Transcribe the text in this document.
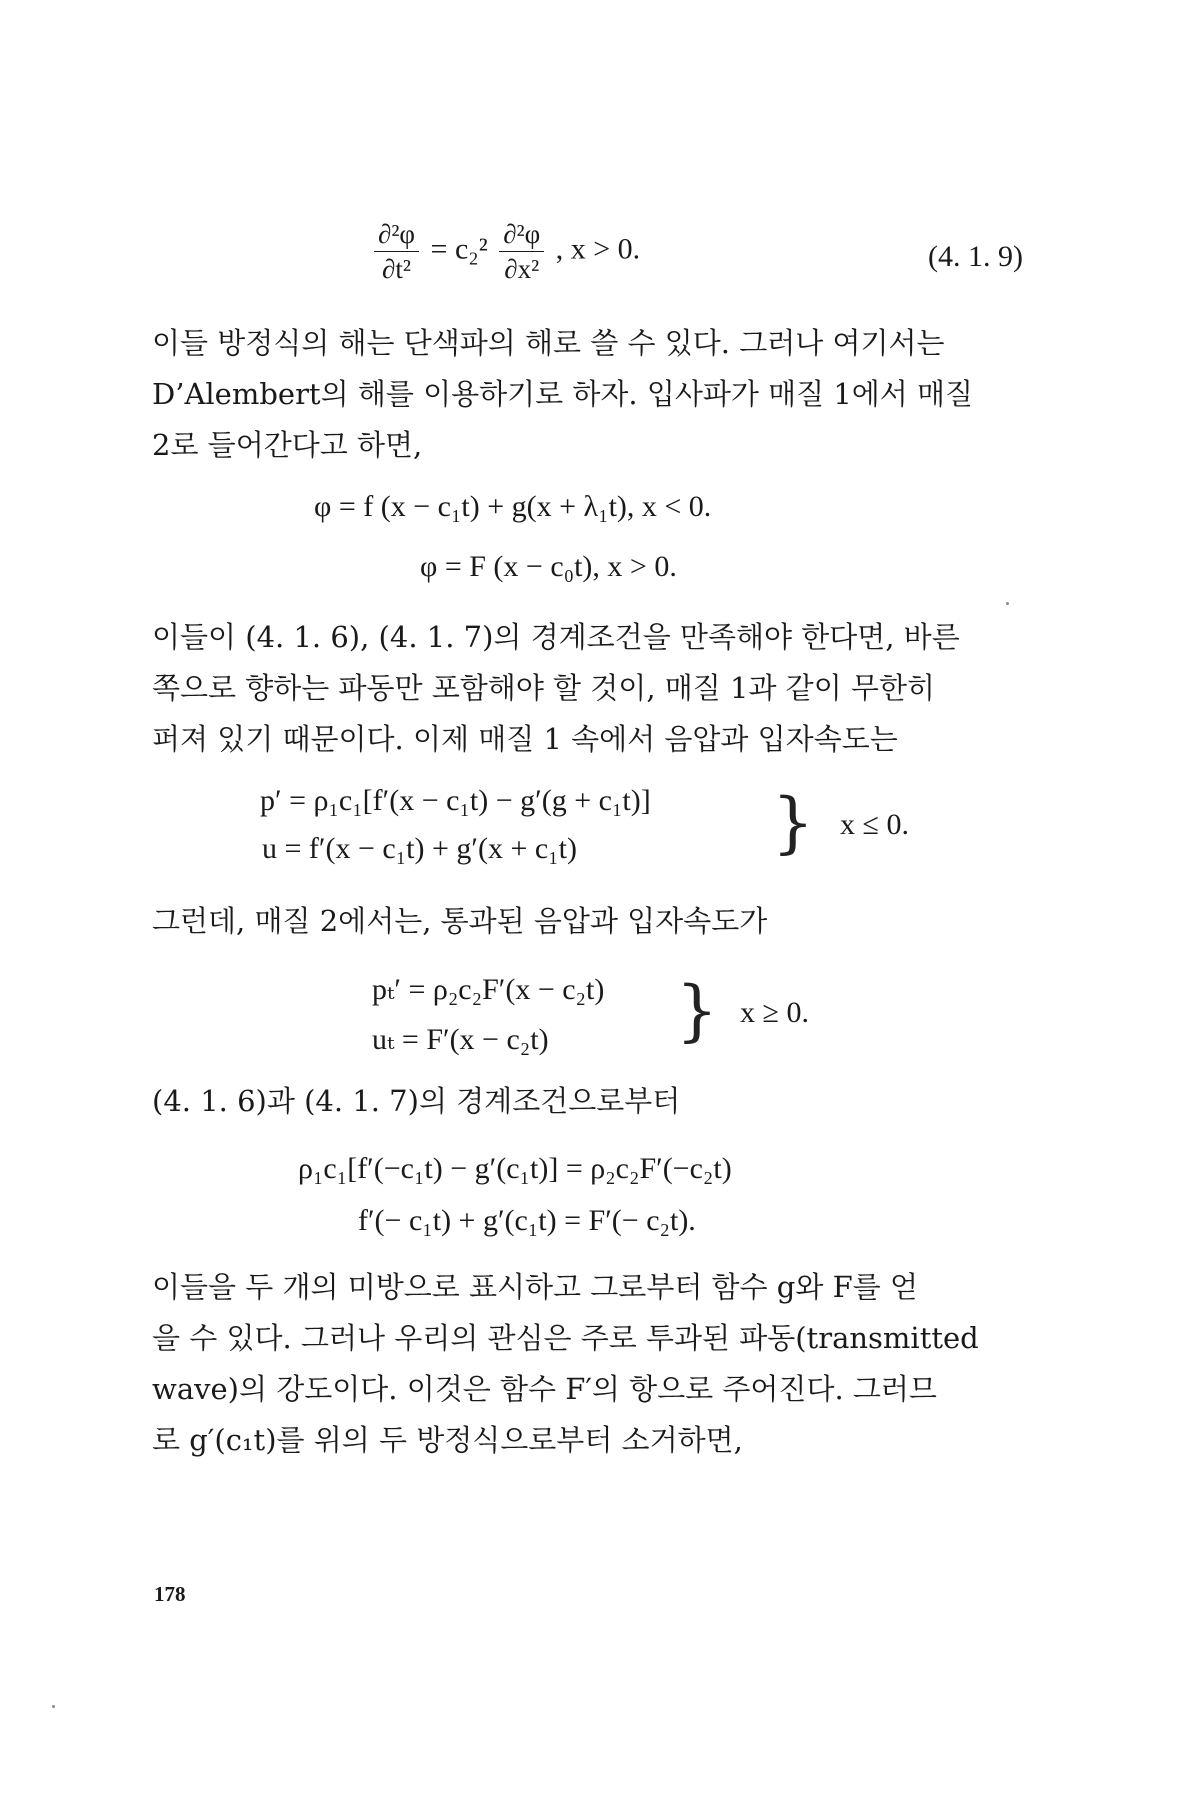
$\frac{\text{∂²φ}}{\text{∂t²}} = c_2^2 \frac{\text{∂²φ}}{\text{∂x²}}$ , x > 0.	(4. 1. 9)
이들 방정식의 해는 단색파의 해로 쓸 수 있다. 그러나 여기서는
D’Alembert의 해를 이용하기로 하자. 입사파가 매질 1에서 매질
2로 들어간다고 하면,
φ = f (x − c₁t) + g(x + λ₁t), x < 0.
φ = F (x − c₀t), x > 0.
이들이 (4. 1. 6), (4. 1. 7)의 경계조건을 만족해야 한다면, 바른
쪽으로 향하는 파동만 포함해야 할 것이, 매질 1과 같이 무한히
퍼져 있기 때문이다. 이제 매질 1 속에서 음압과 입자속도는
p′ = ρ₁c₁[f′(x − c₁t) − g′(g + c₁t)]
u = f′(x − c₁t) + g′(x + c₁t)	} x ≤ 0.
그런데, 매질 2에서는, 통과된 음압과 입자속도가
pₜ′ = ρ₂c₂F′(x − c₂t)
uₜ = F′(x − c₂t) } x ≥ 0.
(4. 1. 6)과 (4. 1. 7)의 경계조건으로부터
ρ₁c₁[f′(−c₁t) − g′(c₁t)] = ρ₂c₂F′(−c₂t)
f′(− c₁t) + g′(c₁t) = F′(− c₂t).
이들을 두 개의 미방으로 표시하고 그로부터 함수 g와 F를 얻
을 수 있다. 그러나 우리의 관심은 주로 투과된 파동(transmitted
wave)의 강도이다. 이것은 함수 F′의 항으로 주어진다. 그러므
로 g′(c₁t)를 위의 두 방정식으로부터 소거하면,
178
